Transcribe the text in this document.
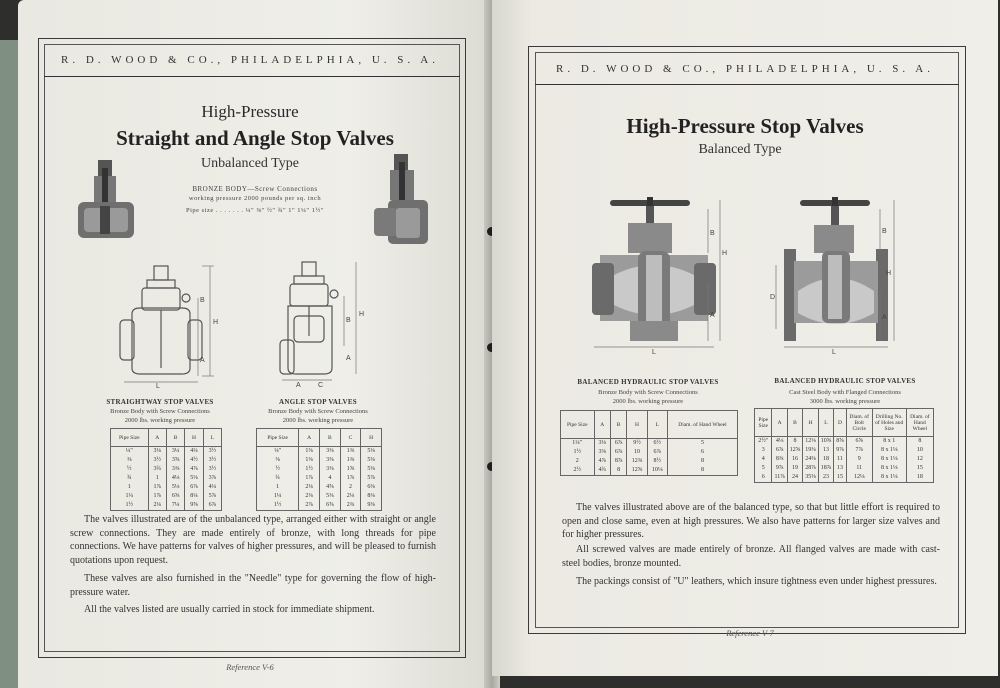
R. D. WOOD & CO., PHILADELPHIA, U. S. A.
High-Pressure
Straight and Angle Stop Valves
Unbalanced Type
BRONZE BODY—Screw Connections
working pressure 2000 pounds per sq. inch
Pipe size . . . . . . . ¼" ⅜" ½" ¾" 1" 1¼" 1½"
H
B
A
L
H
B
A
A C
STRAIGHTWAY STOP VALVES
Bronze Body with Screw Connections
2000 lbs. working pressure
ANGLE STOP VALVES
Bronze Body with Screw Connections
2000 lbs. working pressure
Pipe Size	A	B	H	L
¼"	3⅛	3¼	4¼	3½
⅜	3½	3⅝	4½	3½
½	3¾	3⅜	4⅞	3½
¾	1	4⅛	5⅛	3⅞
1	1⅞	5⅛	6⅞	4¼
1¼	1⅞	6⅝	8¼	5⅞
1½	2⅛	7¼	9⅝	6⅞
Pipe Size	A	B	C	H
¼"	1⅜	3⅜	1⅜	5⅛
⅜	1⅜	3⅜	1⅜	5⅛
½	1½	3⅜	1⅝	5⅛
¾	1⅞	4	1⅞	5⅞
1	2⅛	4⅝	2	6⅜
1¼	2⅛	5⅜	2⅛	8⅛
1½	2⅞	6⅝	2⅜	9⅜
The valves illustrated are of the unbalanced type, arranged either with straight or angle screw connections. They are made entirely of bronze, with long threads for pipe connections. We have patterns for valves of higher pressures, and will be pleased to furnish quotations upon request.
These valves are also furnished in the "Needle" type for governing the flow of high-pressure water.
All the valves listed are usually carried in stock for immediate shipment.
Reference V-6
R. D. WOOD & CO., PHILADELPHIA, U. S. A.
High-Pressure Stop Valves
Balanced Type
H
B
A
L
H
B
A
D
L
BALANCED HYDRAULIC STOP VALVES
Bronze Body with Screw Connections
2000 lbs. working pressure
BALANCED HYDRAULIC STOP VALVES
Cast Steel Body with Flanged Connections
3000 lbs. working pressure
Pipe Size	A	B	H	L	Diam. of Hand Wheel
1¼"	3⅛	6⅞	9½	6½	5
1½	3⅜	6⅞	10	6⅞	6
2	4⅞	8⅞	12⅜	8½	8
2½	4¾	8	12⅝	10⅛	8
Pipe Size	A	B	H	L	D	Diam. of Bolt Circle	Drilling No. of Holes and Size	Diam. of Hand Wheel
2½"	4⅛	8	12⅛	10⅝	8⅝	6⅝	8 x 1	8
3	6⅞	12⅝	19⅜	13	9⅞	7⅞	8 x 1⅛	10
4	8⅜	16	24⅜	18	11	9	8 x 1⅛	12
5	9⅞	19	28⅞	18⅞	13	11	8 x 1⅛	15
6	11⅞	24	35⅜	23	15	12⅛	8 x 1⅛	18
The valves illustrated above are of the balanced type, so that but little effort is required to open and close same, even at high pressures. We also have patterns for larger size valves and for higher pressures.
All screwed valves are made entirely of bronze. All flanged valves are made with cast-steel bodies, bronze mounted.
The packings consist of "U" leathers, which insure tightness even under highest pressures.
Reference V-7
